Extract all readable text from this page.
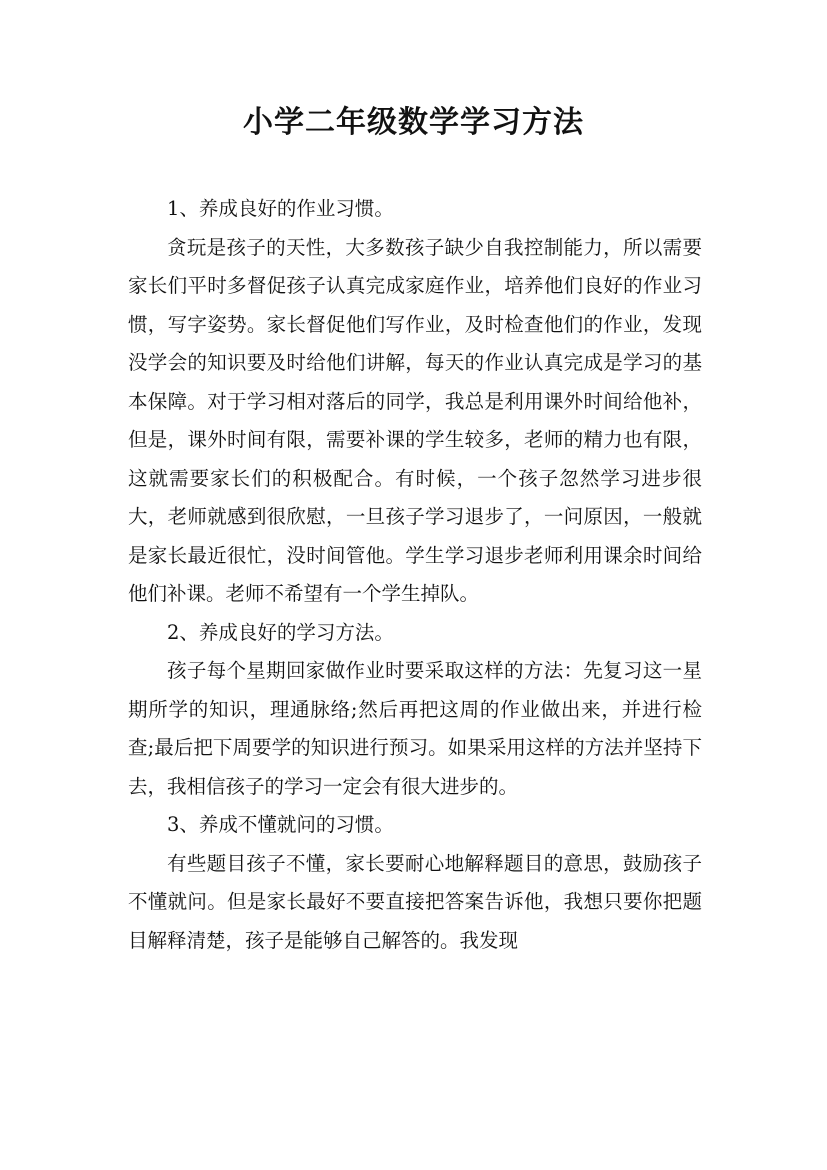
小学二年级数学学习方法

1、养成良好的作业习惯。

贪玩是孩子的天性，大多数孩子缺少自我控制能力，所以需要家长们平时多督促孩子认真完成家庭作业，培养他们良好的作业习惯，写字姿势。家长督促他们写作业，及时检查他们的作业，发现没学会的知识要及时给他们讲解，每天的作业认真完成是学习的基本保障。对于学习相对落后的同学，我总是利用课外时间给他补，但是，课外时间有限，需要补课的学生较多，老师的精力也有限，这就需要家长们的积极配合。有时候，一个孩子忽然学习进步很大，老师就感到很欣慰，一旦孩子学习退步了，一问原因，一般就是家长最近很忙，没时间管他。学生学习退步老师利用课余时间给他们补课。老师不希望有一个学生掉队。

2、养成良好的学习方法。

孩子每个星期回家做作业时要采取这样的方法：先复习这一星期所学的知识，理通脉络;然后再把这周的作业做出来，并进行检查;最后把下周要学的知识进行预习。如果采用这样的方法并坚持下去，我相信孩子的学习一定会有很大进步的。

3、养成不懂就问的习惯。

有些题目孩子不懂，家长要耐心地解释题目的意思，鼓励孩子不懂就问。但是家长最好不要直接把答案告诉他，我想只要你把题目解释清楚，孩子是能够自己解答的。我发现
